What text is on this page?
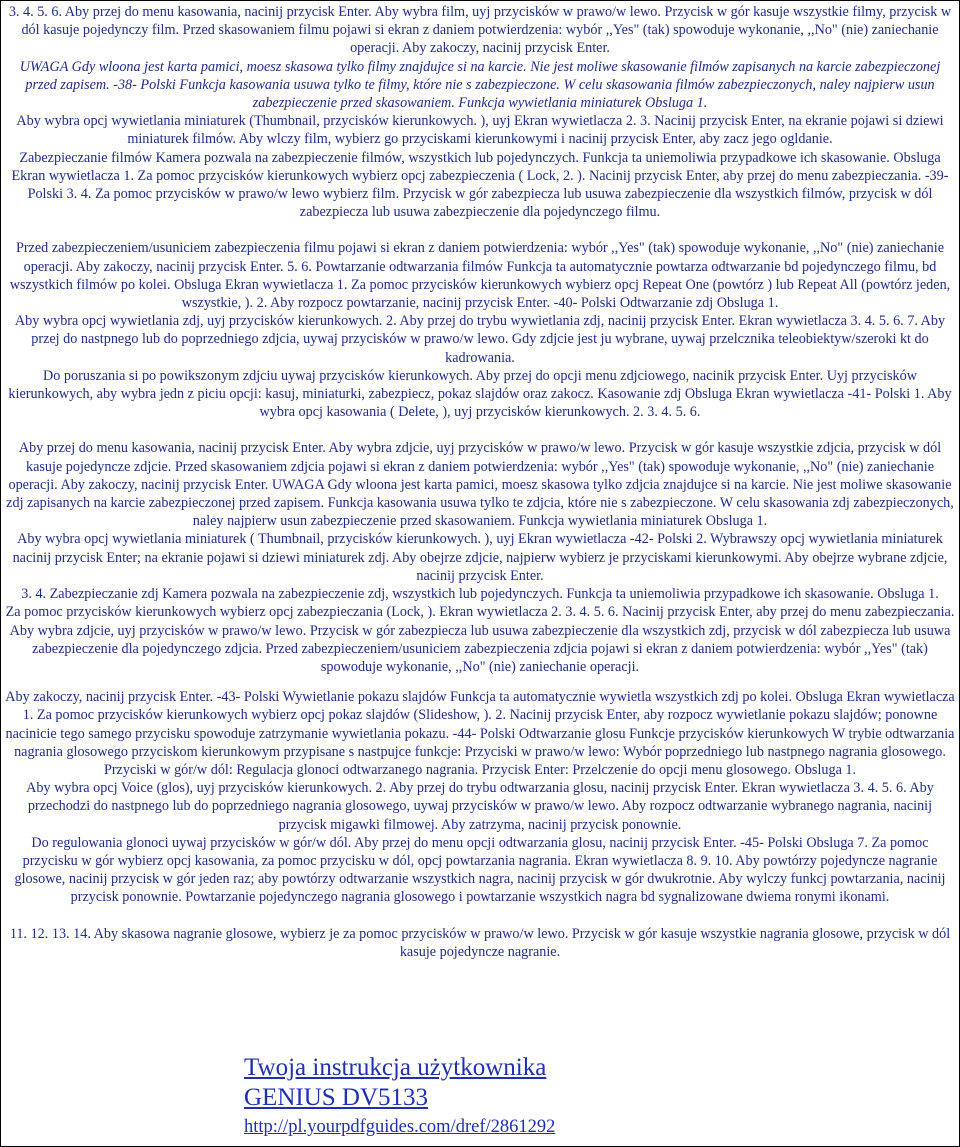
3. 4. 5. 6. Aby przej do menu kasowania, nacinij przycisk Enter. Aby wybra film, uyj przycisków w prawo/w lewo. Przycisk w gór kasuje wszystkie filmy, przycisk w dól kasuje pojedynczy film. Przed skasowaniem filmu pojawi si ekran z daniem potwierdzenia: wybór ,,Yes" (tak) spowoduje wykonanie, ,,No" (nie) zaniechanie operacji. Aby zakoczy, nacinij przycisk Enter.

UWAGA Gdy wloona jest karta pamici, moesz skasowa tylko filmy znajdujce si na karcie. Nie jest moliwe skasowanie filmów zapisanych na karcie zabezpieczonej przed zapisem. -38- Polski Funkcja kasowania usuwa tylko te filmy, które nie s zabezpieczone. W celu skasowania filmów zabezpieczonych, naley najpierw usun zabezpieczenie przed skasowaniem. Funkcja wywietlania miniaturek Obsluga 1.

Aby wybra opcj wywietlania miniaturek (Thumbnail, przycisków kierunkowych. ), uyj Ekran wywietlacza 2. 3. Nacinij przycisk Enter, na ekranie pojawi si dziewi miniaturek filmów. Aby wlczy film, wybierz go przyciskami kierunkowymi i nacinij przycisk Enter, aby zacz jego ogldanie.

Zabezpieczanie filmów Kamera pozwala na zabezpieczenie filmów, wszystkich lub pojedynczych. Funkcja ta uniemoliwia przypadkowe ich skasowanie. Obsluga Ekran wywietlacza 1. Za pomoc przycisków kierunkowych wybierz opcj zabezpieczenia ( Lock, 2. ). Nacinij przycisk Enter, aby przej do menu zabezpieczania. -39- Polski 3. 4. Za pomoc przycisków w prawo/w lewo wybierz film. Przycisk w gór zabezpiecza lub usuwa zabezpieczenie dla wszystkich filmów, przycisk w dól zabezpiecza lub usuwa zabezpieczenie dla pojedynczego filmu.

Przed zabezpieczeniem/usuniciem zabezpieczenia filmu pojawi si ekran z daniem potwierdzenia: wybór ,,Yes" (tak) spowoduje wykonanie, ,,No" (nie) zaniechanie operacji. Aby zakoczy, nacinij przycisk Enter. 5. 6. Powtarzanie odtwarzania filmów Funkcja ta automatycznie powtarza odtwarzanie bd pojedynczego filmu, bd wszystkich filmów po kolei. Obsluga Ekran wywietlacza 1. Za pomoc przycisków kierunkowych wybierz opcj Repeat One (powtórz ) lub Repeat All (powtórz jeden, wszystkie, ). 2. Aby rozpocz powtarzanie, nacinij przycisk Enter. -40- Polski Odtwarzanie zdj Obsluga 1.

Aby wybra opcj wywietlania zdj, uyj przycisków kierunkowych. 2. Aby przej do trybu wywietlania zdj, nacinij przycisk Enter. Ekran wywietlacza 3. 4. 5. 6. 7. Aby przej do nastpnego lub do poprzedniego zdjcia, uywaj przycisków w prawo/w lewo. Gdy zdjcie jest ju wybrane, uywaj przelcznika teleobiektyw/szeroki kt do kadrowania.

Do poruszania si po powikszonym zdjciu uywaj przycisków kierunkowych. Aby przej do opcji menu zdjciowego, nacinik przycisk Enter. Uyj przycisków kierunkowych, aby wybra jedn z piciu opcji: kasuj, miniaturki, zabezpiecz, pokaz slajdów oraz zakocz. Kasowanie zdj Obsluga Ekran wywietlacza -41- Polski 1. Aby wybra opcj kasowania ( Delete, ), uyj przycisków kierunkowych. 2. 3. 4. 5. 6.

Aby przej do menu kasowania, nacinij przycisk Enter. Aby wybra zdjcie, uyj przycisków w prawo/w lewo. Przycisk w gór kasuje wszystkie zdjcia, przycisk w dól kasuje pojedyncze zdjcie. Przed skasowaniem zdjcia pojawi si ekran z daniem potwierdzenia: wybór ,,Yes" (tak) spowoduje wykonanie, ,,No" (nie) zaniechanie operacji. Aby zakoczy, nacinij przycisk Enter. UWAGA Gdy wloona jest karta pamici, moesz skasowa tylko zdjcia znajdujce si na karcie. Nie jest moliwe skasowanie zdj zapisanych na karcie zabezpieczonej przed zapisem. Funkcja kasowania usuwa tylko te zdjcia, które nie s zabezpieczone. W celu skasowania zdj zabezpieczonych, naley najpierw usun zabezpieczenie przed skasowaniem. Funkcja wywietlania miniaturek Obsluga 1.

Aby wybra opcj wywietlania miniaturek ( Thumbnail, przycisków kierunkowych. ), uyj Ekran wywietlacza -42- Polski 2. Wybrawszy opcj wywietlania miniaturek nacinij przycisk Enter; na ekranie pojawi si dziewi miniaturek zdj. Aby obejrze zdjcie, najpierw wybierz je przyciskami kierunkowymi. Aby obejrze wybrane zdjcie, nacinij przycisk Enter.

3. 4. Zabezpieczanie zdj Kamera pozwala na zabezpieczenie zdj, wszystkich lub pojedynczych. Funkcja ta uniemoliwia przypadkowe ich skasowanie. Obsluga 1.

Za pomoc przycisków kierunkowych wybierz opcj zabezpieczania (Lock, ). Ekran wywietlacza 2. 3. 4. 5. 6. Nacinij przycisk Enter, aby przej do menu zabezpieczania. Aby wybra zdjcie, uyj przycisków w prawo/w lewo. Przycisk w gór zabezpiecza lub usuwa zabezpieczenie dla wszystkich zdj, przycisk w dól zabezpiecza lub usuwa zabezpieczenie dla pojedynczego zdjcia. Przed zabezpieczeniem/usuniciem zabezpieczenia zdjcia pojawi si ekran z daniem potwierdzenia: wybór ,,Yes" (tak) spowoduje wykonanie, ,,No" (nie) zaniechanie operacji.

Aby zakoczy, nacinij przycisk Enter. -43- Polski Wywietlanie pokazu slajdów Funkcja ta automatycznie wywietla wszystkich zdj po kolei. Obsluga Ekran wywietlacza 1. Za pomoc przycisków kierunkowych wybierz opcj pokaz slajdów (Slideshow, ). 2. Nacinij przycisk Enter, aby rozpocz wywietlanie pokazu slajdów; ponowne nacinicie tego samego przycisku spowoduje zatrzymanie wywietlania pokazu. -44- Polski Odtwarzanie glosu Funkcje przycisków kierunkowych W trybie odtwarzania nagrania glosowego przyciskom kierunkowym przypisane s nastpujce funkcje: Przyciski w prawo/w lewo: Wybór poprzedniego lub nastpnego nagrania glosowego. Przyciski w gór/w dól: Regulacja glonoci odtwarzanego nagrania. Przycisk Enter: Przelczenie do opcji menu glosowego. Obsluga 1.

Aby wybra opcj Voice (glos), uyj przycisków kierunkowych. 2. Aby przej do trybu odtwarzania glosu, nacinij przycisk Enter. Ekran wywietlacza 3. 4. 5. 6. Aby przechodzi do nastpnego lub do poprzedniego nagrania glosowego, uywaj przycisków w prawo/w lewo. Aby rozpocz odtwarzanie wybranego nagrania, nacinij przycisk migawki filmowej. Aby zatrzyma, nacinij przycisk ponownie.

Do regulowania glonoci uywaj przycisków w gór/w dól. Aby przej do menu opcji odtwarzania glosu, nacinij przycisk Enter. -45- Polski Obsluga 7. Za pomoc przycisku w gór wybierz opcj kasowania, za pomoc przycisku w dól, opcj powtarzania nagrania. Ekran wywietlacza 8. 9. 10. Aby powtórzy pojedyncze nagranie glosowe, nacinij przycisk w gór jeden raz; aby powtórzy odtwarzanie wszystkich nagra, nacinij przycisk w gór dwukrotnie. Aby wylczy funkcj powtarzania, nacinij przycisk ponownie. Powtarzanie pojedynczego nagrania glosowego i powtarzanie wszystkich nagra bd sygnalizowane dwiema ronymi ikonami.

11. 12. 13. 14. Aby skasowa nagranie glosowe, wybierz je za pomoc przycisków w prawo/w lewo. Przycisk w gór kasuje wszystkie nagrania glosowe, przycisk w dól kasuje pojedyncze nagranie.

Twoja instrukcja użytkownika
GENIUS DV5133
http://pl.yourpdfguides.com/dref/2861292
